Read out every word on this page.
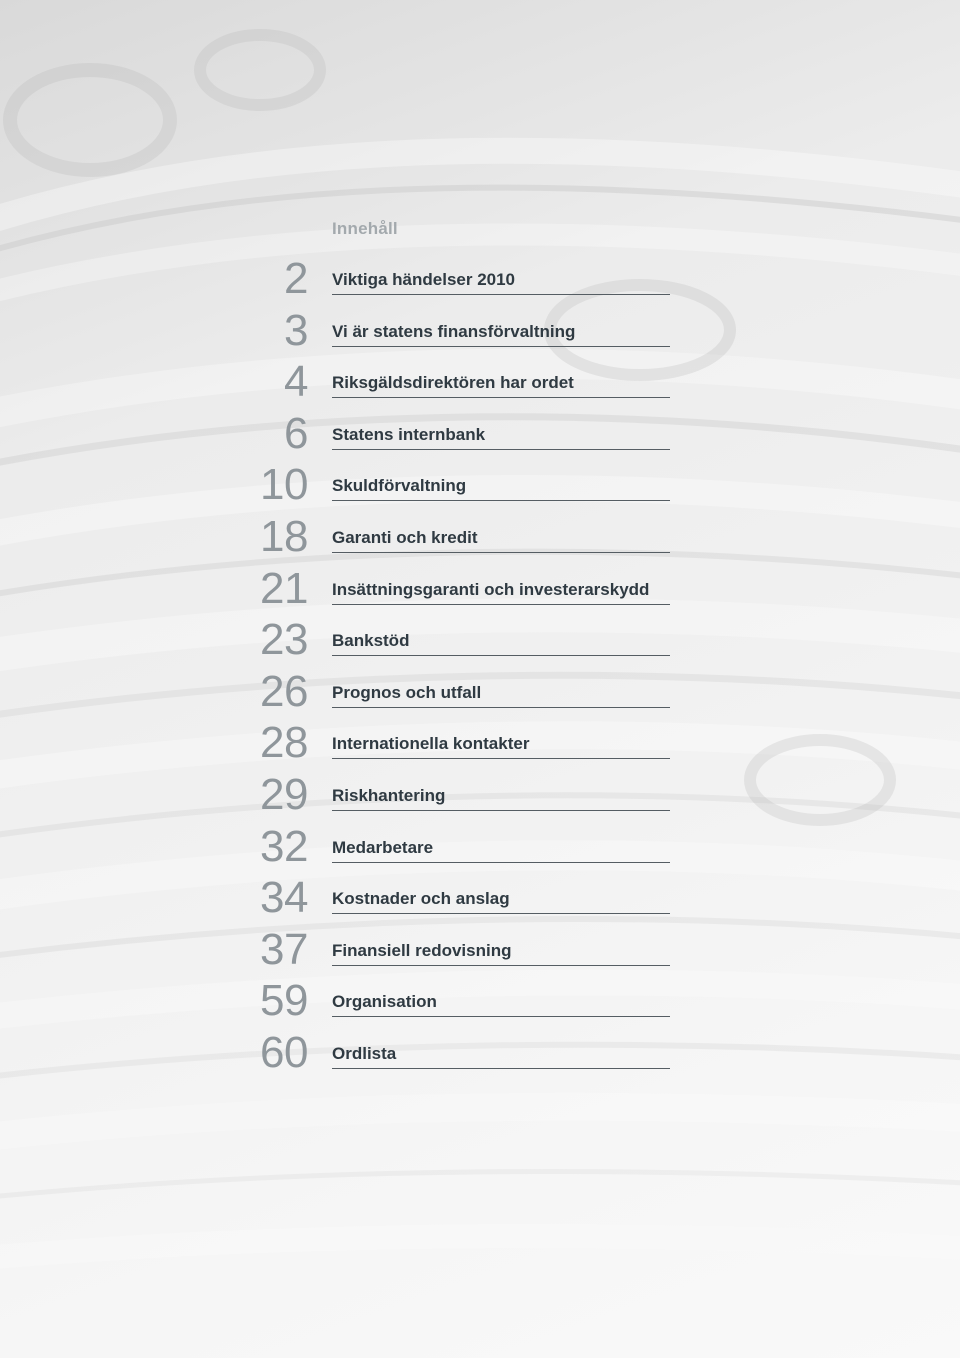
Innehåll
2 Viktiga händelser 2010
3 Vi är statens finansförvaltning
4 Riksgäldsdirektören har ordet
6 Statens internbank
10 Skuldförvaltning
18 Garanti och kredit
21 Insättningsgaranti och investerarskydd
23 Bankstöd
26 Prognos och utfall
28 Internationella kontakter
29 Riskhantering
32 Medarbetare
34 Kostnader och anslag
37 Finansiell redovisning
59 Organisation
60 Ordlista
